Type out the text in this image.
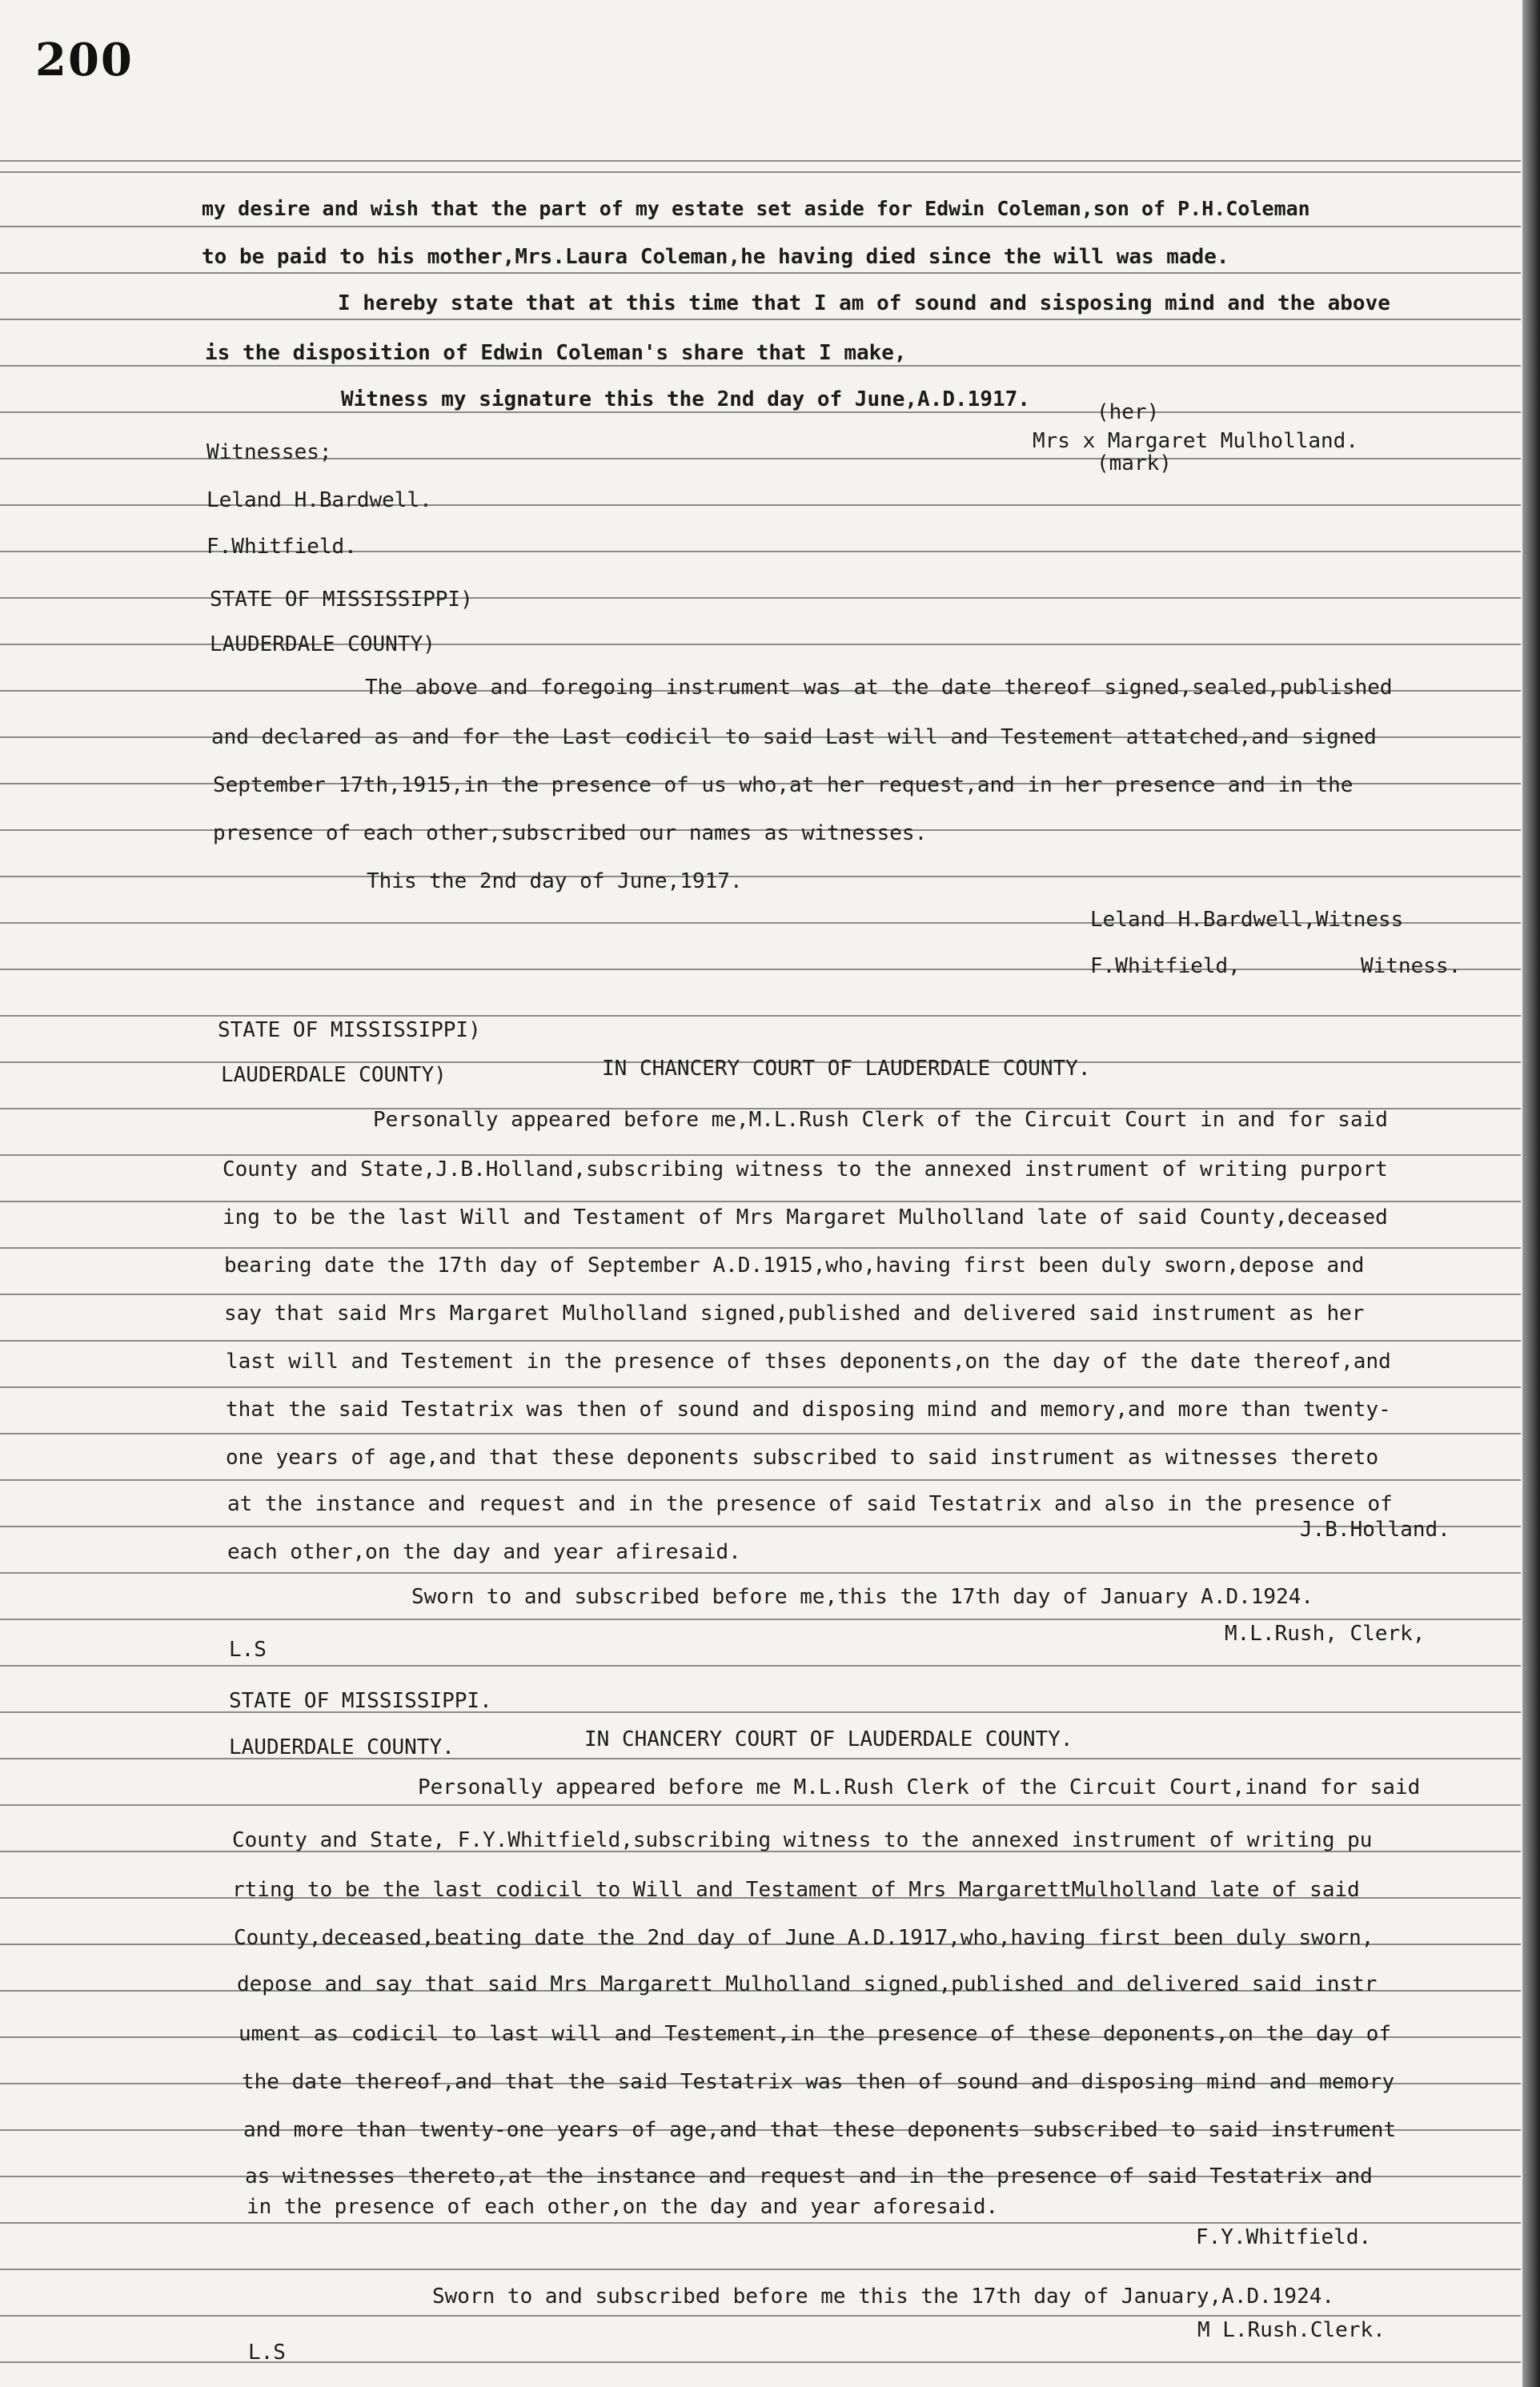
200
my desire and wish that the part of my estate set aside for Edwin Coleman,son of P.H.Coleman
to be paid to his mother,Mrs.Laura Coleman,he having died since the will was made.
I hereby state that at this time that I am of sound and sisposing mind and the above
is the disposition of Edwin Coleman's share that I make,
Witness my signature this the 2nd day of June,A.D.1917.
(her)
Witnesses;	Mrs x Margaret Mulholland.
(mark)
Leland H.Bardwell.
F.Whitfield.
STATE OF MISSISSIPPI)
LAUDERDALE COUNTY)
The above and foregoing instrument was at the date thereof signed,sealed,published
and declared as and for the Last codicil to said Last will and Testement attatched,and signed
September 17th,1915,in the presence of us who,at her request,and in her presence and in the
presence of each other,subscribed our names as witnesses.
This the 2nd day of June,1917.
Leland H.Bardwell,Witness
F.Whitfield,	Witness.
STATE OF MISSISSIPPI)
LAUDERDALE COUNTY)	IN CHANCERY COURT OF LAUDERDALE COUNTY.
Personally appeared before me,M.L.Rush Clerk of the Circuit Court in and for said
County and State,J.B.Holland,subscribing witness to the annexed instrument of writing purport
ing to be the last Will and Testament of Mrs Margaret Mulholland late of said County,deceased
bearing date the 17th day of September A.D.1915,who,having first been duly sworn,depose and
say that said Mrs Margaret Mulholland signed,published and delivered said instrument as her
last will and Testement in the presence of thses deponents,on the day of the date thereof,and
that the said Testatrix was then of sound and disposing mind and memory,and more than twenty-
one years of age,and that these deponents subscribed to said instrument as witnesses thereto
at the instance and request and in the presence of said Testatrix and also in the presence of
J.B.Holland.
each other,on the day and year afiresaid.
Sworn to and subscribed before me,this the 17th day of January A.D.1924.
L.S
M.L.Rush, Clerk,
STATE OF MISSISSIPPI.
LAUDERDALE COUNTY.	IN CHANCERY COURT OF LAUDERDALE COUNTY.
Personally appeared before me M.L.Rush Clerk of the Circuit Court,inand for said
County and State, F.Y.Whitfield,subscribing witness to the annexed instrument of writing pu
rting to be the last codicil to Will and Testament of Mrs MargarettMulholland late of said
County,deceased,beating date the 2nd day of June A.D.1917,who,having first been duly sworn,
depose and say that said Mrs Margarett Mulholland signed,published and delivered said instr
ument as codicil to last will and Testement,in the presence of these deponents,on the day of
the date thereof,and that the said Testatrix was then of sound and disposing mind and memory
and more than twenty-one years of age,and that these deponents subscribed to said instrument
as witnesses thereto,at the instance and request and in the presence of said Testatrix and
in the presence of each other,on the day and year aforesaid.
F.Y.Whitfield.
Sworn to and subscribed before me this the 17th day of January,A.D.1924.
L.S
M L.Rush.Clerk.
